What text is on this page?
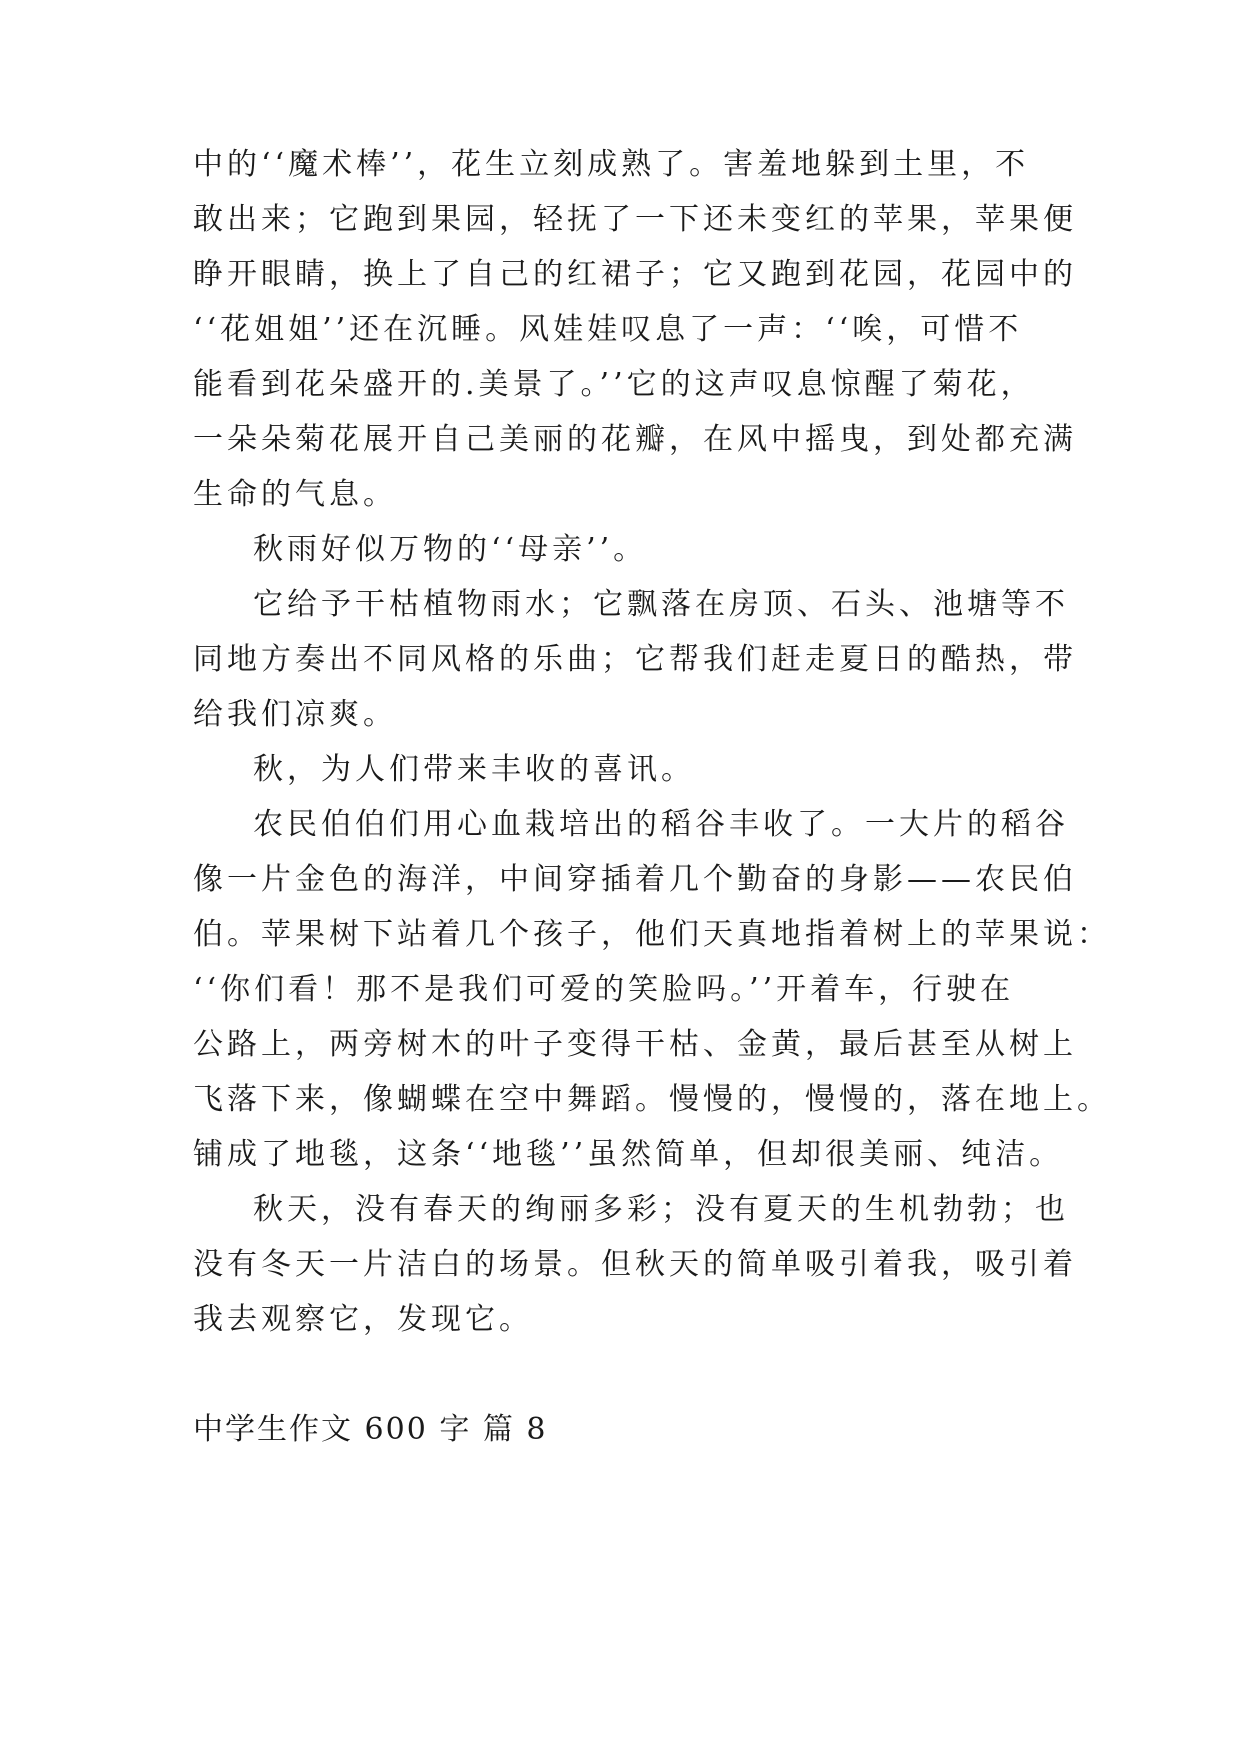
中的‘‘魔术棒’’，花生立刻成熟了。害羞地躲到土里，不
敢出来；它跑到果园，轻抚了一下还未变红的苹果，苹果便
睁开眼睛，换上了自己的红裙子；它又跑到花园，花园中的
‘‘花姐姐’’还在沉睡。风娃娃叹息了一声：‘‘唉，可惜不
能看到花朵盛开的.美景了。’’它的这声叹息惊醒了菊花，
一朵朵菊花展开自己美丽的花瓣，在风中摇曳，到处都充满
生命的气息。
秋雨好似万物的‘‘母亲’’。
它给予干枯植物雨水；它飘落在房顶、石头、池塘等不
同地方奏出不同风格的乐曲；它帮我们赶走夏日的酷热，带
给我们凉爽。
秋，为人们带来丰收的喜讯。
农民伯伯们用心血栽培出的稻谷丰收了。一大片的稻谷
像一片金色的海洋，中间穿插着几个勤奋的身影——农民伯
伯。苹果树下站着几个孩子，他们天真地指着树上的苹果说：
‘‘你们看！那不是我们可爱的笑脸吗。’’开着车，行驶在
公路上，两旁树木的叶子变得干枯、金黄，最后甚至从树上
飞落下来，像蝴蝶在空中舞蹈。慢慢的，慢慢的，落在地上。
铺成了地毯，这条‘‘地毯’’虽然简单，但却很美丽、纯洁。
秋天，没有春天的绚丽多彩；没有夏天的生机勃勃；也
没有冬天一片洁白的场景。但秋天的简单吸引着我，吸引着
我去观察它，发现它。
中学生作文 600 字 篇 8
